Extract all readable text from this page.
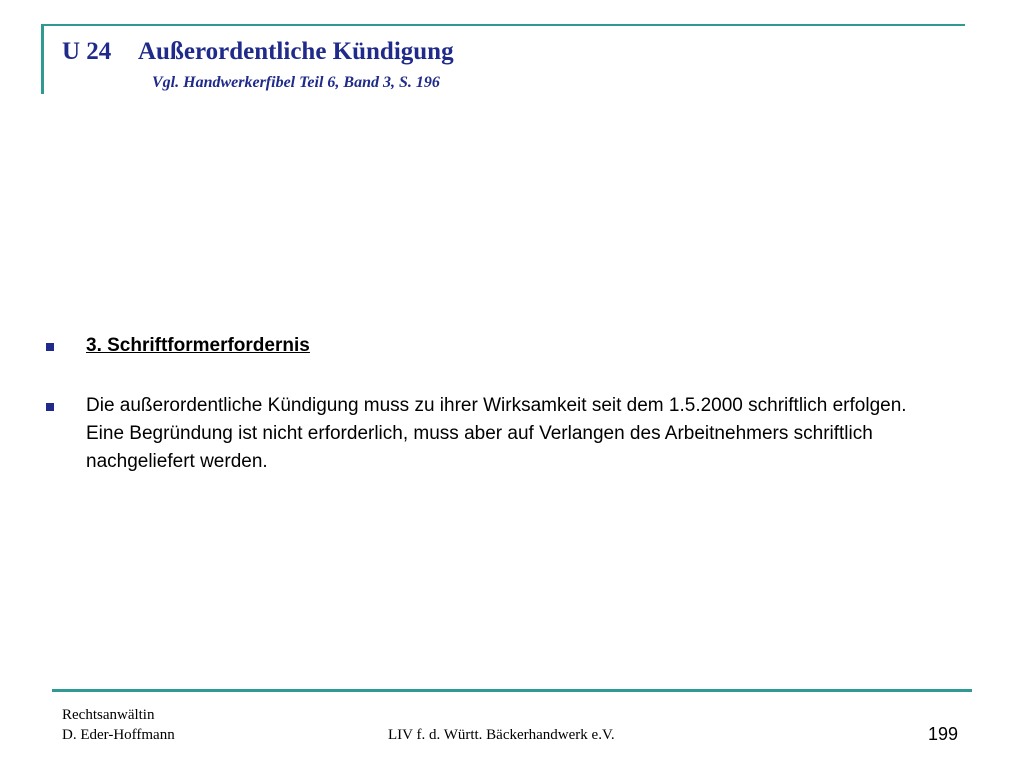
U 24 Außerordentliche Kündigung

Vgl. Handwerkerfibel Teil 6, Band 3, S. 196

3. Schriftformerfordernis
Die außerordentliche Kündigung muss zu ihrer Wirksamkeit seit dem 1.5.2000 schriftlich erfolgen. Eine Begründung ist nicht erforderlich, muss aber auf Verlangen des Arbeitnehmers schriftlich nachgeliefert werden.
Rechtsanwältin
D. Eder-Hoffmann	LIV f. d. Württ. Bäckerhandwerk e.V.	199
